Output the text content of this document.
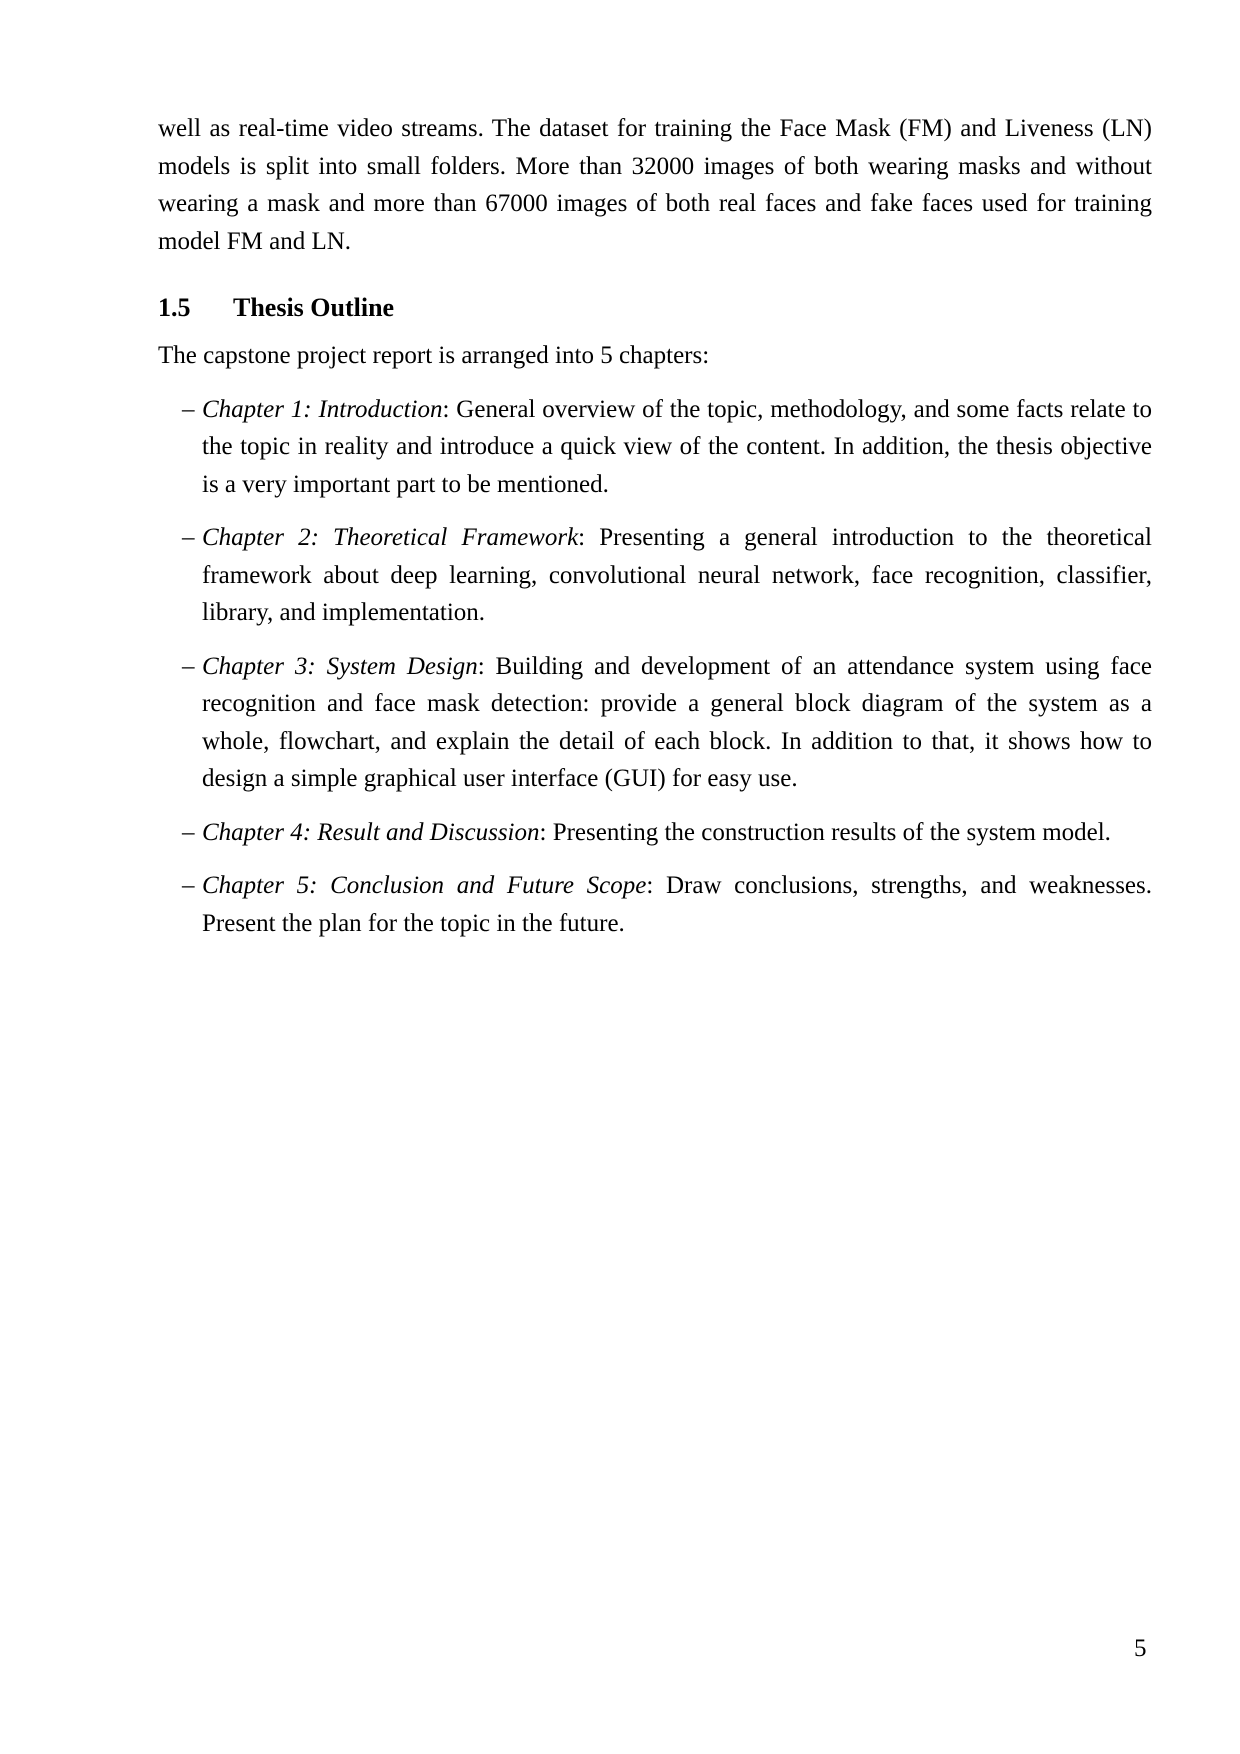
well as real-time video streams. The dataset for training the Face Mask (FM) and Liveness (LN) models is split into small folders. More than 32000 images of both wearing masks and without wearing a mask and more than 67000 images of both real faces and fake faces used for training model FM and LN.

1.5	Thesis Outline
The capstone project report is arranged into 5 chapters:
– Chapter 1: Introduction: General overview of the topic, methodology, and some facts relate to the topic in reality and introduce a quick view of the content. In addition, the thesis objective is a very important part to be mentioned.
– Chapter 2: Theoretical Framework: Presenting a general introduction to the theoretical framework about deep learning, convolutional neural network, face recognition, classifier, library, and implementation.
– Chapter 3: System Design: Building and development of an attendance system using face recognition and face mask detection: provide a general block diagram of the system as a whole, flowchart, and explain the detail of each block. In addition to that, it shows how to design a simple graphical user interface (GUI) for easy use.
– Chapter 4: Result and Discussion: Presenting the construction results of the system model.
– Chapter 5: Conclusion and Future Scope: Draw conclusions, strengths, and weaknesses. Present the plan for the topic in the future.
5
